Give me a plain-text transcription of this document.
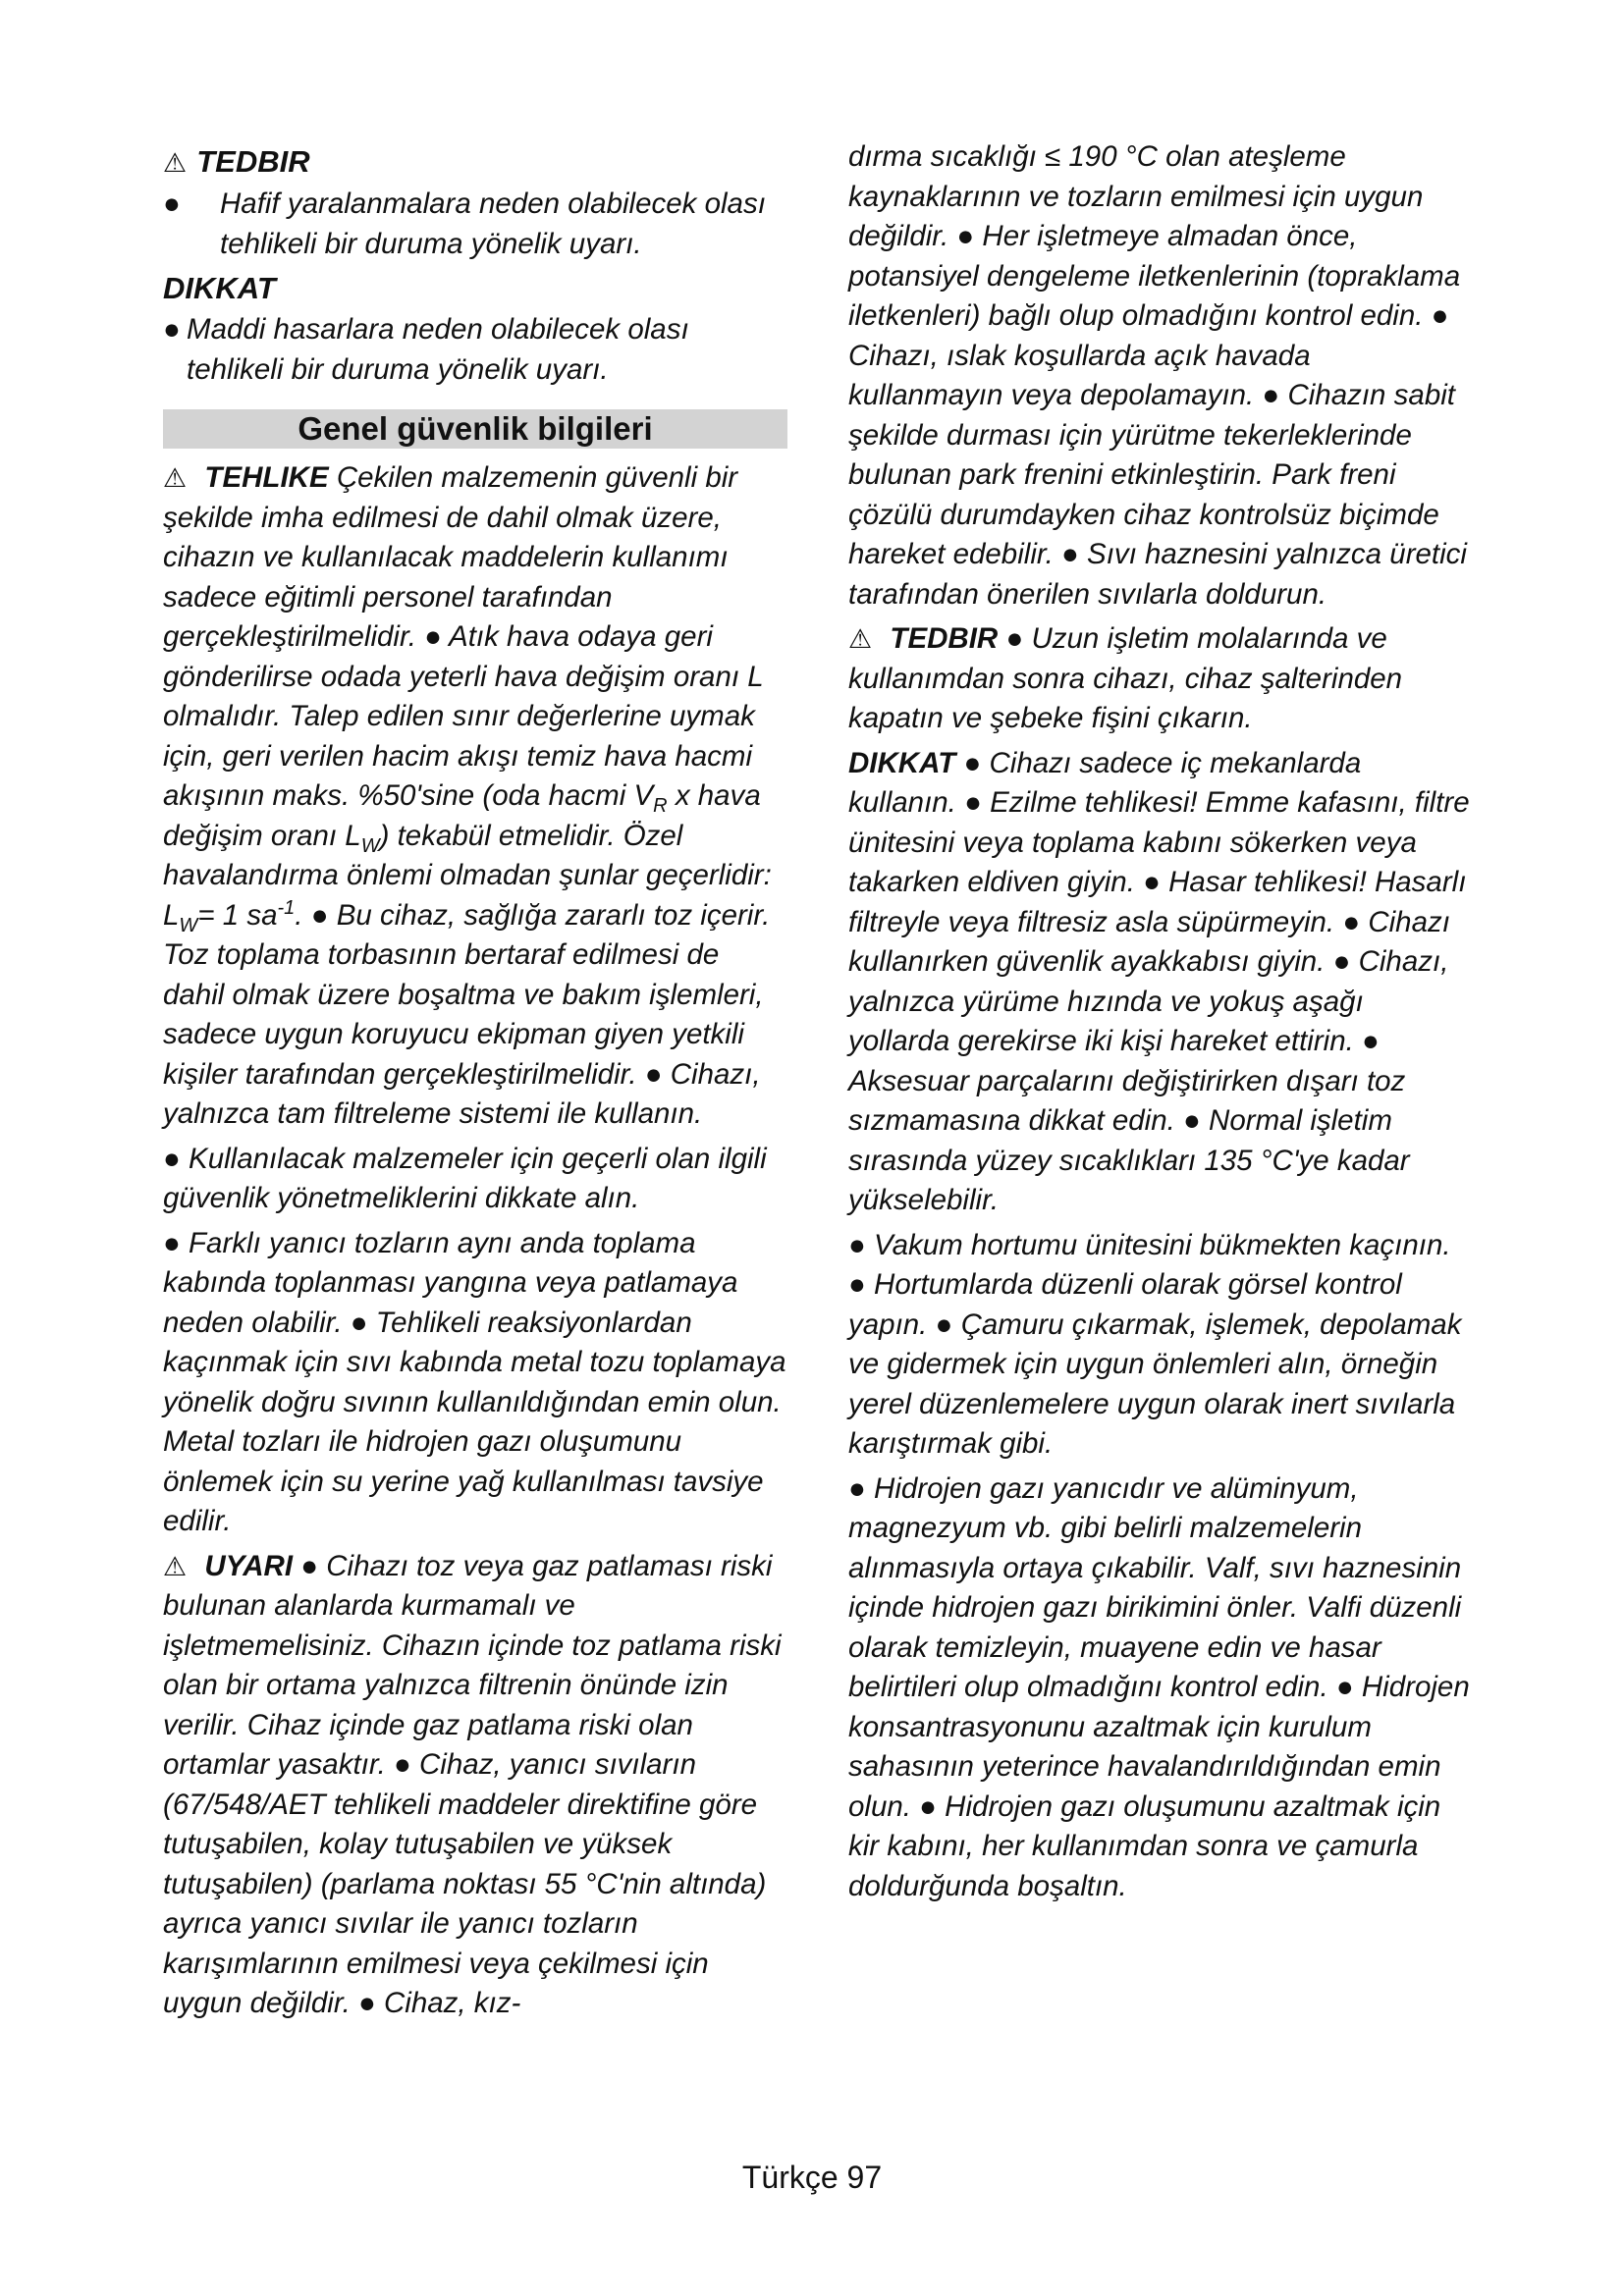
⚠ TEDBIR
●	Hafif yaralanmalara neden olabilecek olası tehlikeli bir duruma yönelik uyarı.
DIKKAT
● Maddi hasarlara neden olabilecek olası tehlikeli bir duruma yönelik uyarı.
Genel güvenlik bilgileri

⚠ TEHLIKE Çekilen malzemenin güvenli bir şekilde imha edilmesi de dahil olmak üzere, cihazın ve kullanılacak maddelerin kullanımı sadece eğitimli personel tarafından gerçekleştirilmelidir. ● Atık hava odaya geri gönderilirse odada yeterli hava değişim oranı L olmalıdır. Talep edilen sınır değerlerine uymak için, geri verilen hacim akışı temiz hava hacmi akışının maks. %50'sine (oda hacmi $V_R$ x hava değişim oranı $L_W$) tekabül etmelidir. Özel havalandırma önlemi olmadan şunlar geçerlidir: $L_W= 1$ $sa^{-1}$. ● Bu cihaz, sağlığa zararlı toz içerir. Toz toplama torbasının bertaraf edilmesi de dahil olmak üzere boşaltma ve bakım işlemleri, sadece uygun koruyucu ekipman giyen yetkili kişiler tarafından gerçekleştirilmelidir. ● Cihazı, yalnızca tam filtreleme sistemi ile kullanın.

● Kullanılacak malzemeler için geçerli olan ilgili güvenlik yönetmeliklerini dikkate alın.

● Farklı yanıcı tozların aynı anda toplama kabında toplanması yangına veya patlamaya neden olabilir. ● Tehlikeli reaksiyonlardan kaçınmak için sıvı kabında metal tozu toplamaya yönelik doğru sıvının kullanıldığından emin olun. Metal tozları ile hidrojen gazı oluşumunu önlemek için su yerine yağ kullanılması tavsiye edilir.

⚠ UYARI ● Cihazı toz veya gaz patlaması riski bulunan alanlarda kurmamalı ve işletmemelisiniz. Cihazın içinde toz patlama riski olan bir ortama yalnızca filtrenin önünde izin verilir. Cihaz içinde gaz patlama riski olan ortamlar yasaktır. ● Cihaz, yanıcı sıvıların (67/548/AET tehlikeli maddeler direktifine göre tutuşabilen, kolay tutuşabilen ve yüksek tutuşabilen) (parlama noktası 55 °C'nin altında) ayrıca yanıcı sıvılar ile yanıcı tozların karışımlarının emilmesi veya çekilmesi için uygun değildir. ● Cihaz, kız-

dırma sıcaklığı ≤ 190 °C olan ateşleme kaynaklarının ve tozların emilmesi için uygun değildir. ● Her işletmeye almadan önce, potansiyel dengeleme iletkenlerinin (topraklama iletkenleri) bağlı olup olmadığını kontrol edin. ● Cihazı, ıslak koşullarda açık havada kullanmayın veya depolamayın. ● Cihazın sabit şekilde durması için yürütme tekerleklerinde bulunan park frenini etkinleştirin. Park freni çözülü durumdayken cihaz kontrolsüz biçimde hareket edebilir. ● Sıvı haznesini yalnızca üretici tarafından önerilen sıvılarla doldurun.

⚠ TEDBIR ● Uzun işletim molalarında ve kullanımdan sonra cihazı, cihaz şalterinden kapatın ve şebeke fişini çıkarın.

DIKKAT ● Cihazı sadece iç mekanlarda kullanın. ● Ezilme tehlikesi! Emme kafasını, filtre ünitesini veya toplama kabını sökerken veya takarken eldiven giyin. ● Hasar tehlikesi! Hasarlı filtreyle veya filtresiz asla süpürmeyin. ● Cihazı kullanırken güvenlik ayakkabısı giyin. ● Cihazı, yalnızca yürüme hızında ve yokuş aşağı yollarda gerekirse iki kişi hareket ettirin. ● Aksesuar parçalarını değiştirirken dışarı toz sızmamasına dikkat edin. ● Normal işletim sırasında yüzey sıcaklıkları 135 °C'ye kadar yükselebilir.

● Vakum hortumu ünitesini bükmekten kaçının. ● Hortumlarda düzenli olarak görsel kontrol yapın. ● Çamuru çıkarmak, işlemek, depolamak ve gidermek için uygun önlemleri alın, örneğin yerel düzenlemelere uygun olarak inert sıvılarla karıştırmak gibi.

● Hidrojen gazı yanıcıdır ve alüminyum, magnezyum vb. gibi belirli malzemelerin alınmasıyla ortaya çıkabilir. Valf, sıvı haznesinin içinde hidrojen gazı birikimini önler. Valfi düzenli olarak temizleyin, muayene edin ve hasar belirtileri olup olmadığını kontrol edin. ● Hidrojen konsantrasyonunu azaltmak için kurulum sahasının yeterince havalandırıldığından emin olun. ● Hidrojen gazı oluşumunu azaltmak için kir kabını, her kullanımdan sonra ve çamurla doldurğunda boşaltın.

Türkçe 97
